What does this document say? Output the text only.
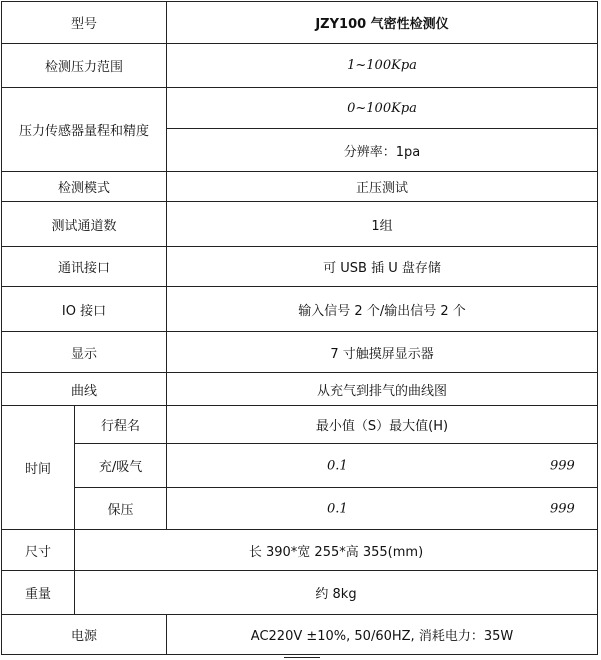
型号		JZY100 气密性检测仪
检测压力范围		1~100Kpa
压力传感器量程和精度		0~100Kpa
		分辨率：1pa
检测模式		正压测试
测试通道数		1组
通讯接口		可 USB 插 U 盘存储
IO 接口		输入信号 2 个/输出信号 2 个
显示		7 寸触摸屏显示器
曲线		从充气到排气的曲线图
时间	行程名	最小值（S）最大值(H)
	充/吸气	0.1 999

	保压	0.1 999

尺寸	长 390*宽 255*高 355(mm)	
重量	约 8kg	
电源		AC220V ±10%, 50/60HZ, 消耗电力：35W
